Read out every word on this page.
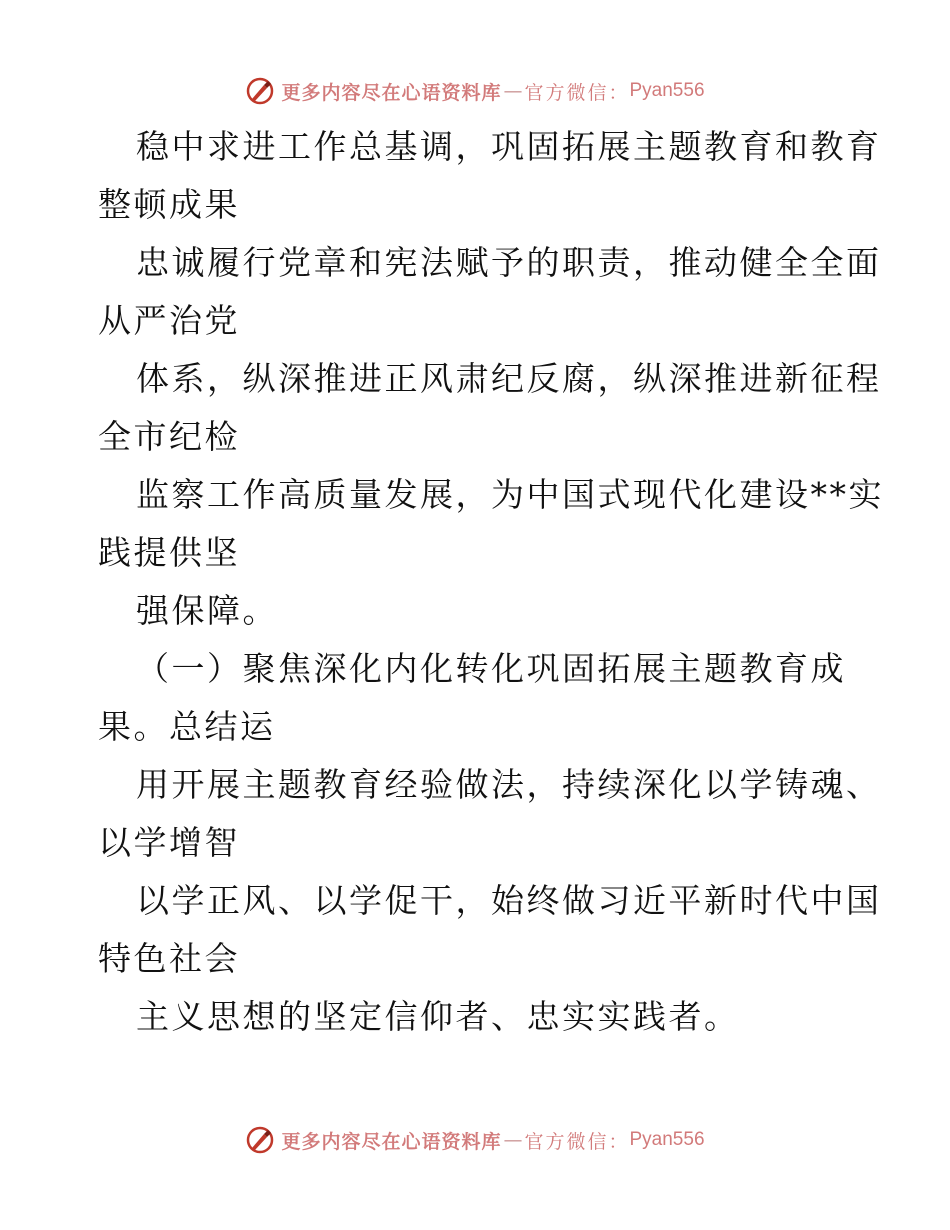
更多内容尽在心语资料库 — 官方微信： Pyan556
稳中求进工作总基调，巩固拓展主题教育和教育
整顿成果
忠诚履行党章和宪法赋予的职责，推动健全全面
从严治党
体系，纵深推进正风肃纪反腐，纵深推进新征程
全市纪检
监察工作高质量发展，为中国式现代化建设**实
践提供坚
强保障。
（一）聚焦深化内化转化巩固拓展主题教育成
果。总结运
用开展主题教育经验做法，持续深化以学铸魂、
以学增智
以学正风、以学促干，始终做习近平新时代中国
特色社会
主义思想的坚定信仰者、忠实实践者。
更多内容尽在心语资料库 — 官方微信： Pyan556
